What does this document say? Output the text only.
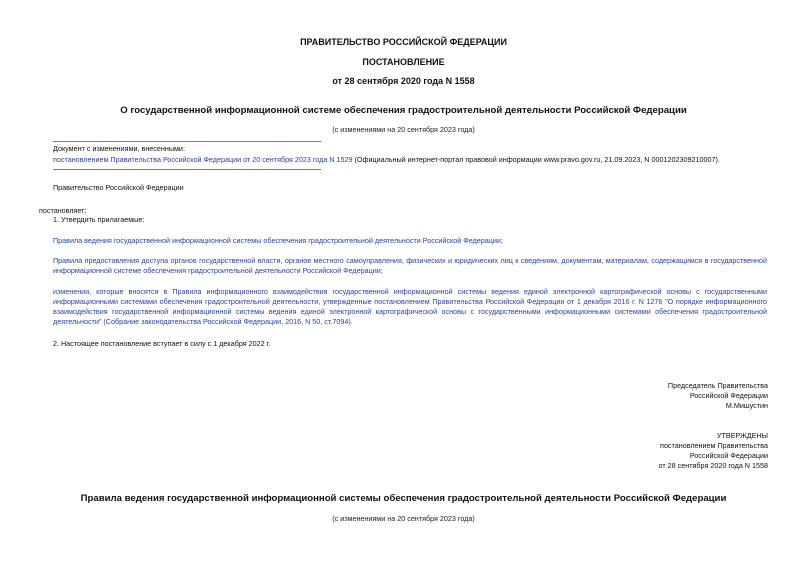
ПРАВИТЕЛЬСТВО РОССИЙСКОЙ ФЕДЕРАЦИИ
ПОСТАНОВЛЕНИЕ
от 28 сентября 2020 года N 1558
О государственной информационной системе обеспечения градостроительной деятельности Российской Федерации
(с изменениями на 20 сентября 2023 года)
Документ с изменениями, внесенными:
постановлением Правительства Российской Федерации от 20 сентября 2023 года N 1529 (Официальный интернет-портал правовой информации www.pravo.gov.ru, 21.09.2023, N 0001202309210007).
Правительство Российской Федерации
постановляет:
1. Утвердить прилагаемые:
Правила ведения государственной информационной системы обеспечения градостроительной деятельности Российской Федерации;
Правила предоставления доступа органов государственной власти, органов местного самоуправления, физических и юридических лиц к сведениям, документам, материалам, содержащимся в государственной информационной системе обеспечения градостроительной деятельности Российской Федерации;
изменения, которые вносятся в Правила информационного взаимодействия государственной информационной системы ведения единой электронной картографической основы с государственными информационными системами обеспечения градостроительной деятельности, утвержденные постановлением Правительства Российской Федерации от 1 декабря 2016 г. N 1276 "О порядке информационного взаимодействия государственной информационной системы ведения единой электронной картографической основы с государственными информационными системами обеспечения градостроительной деятельности" (Собрание законодательства Российской Федерации, 2016, N 50, ст.7094).
2. Настоящее постановление вступает в силу с 1 декабря 2022 г.
Председатель Правительства
Российской Федерации
М.Мишустин
УТВЕРЖДЕНЫ
постановлением Правительства
Российской Федерации
от 28 сентября 2020 года N 1558
Правила ведения государственной информационной системы обеспечения градостроительной деятельности Российской Федерации
(с изменениями на 20 сентября 2023 года)
